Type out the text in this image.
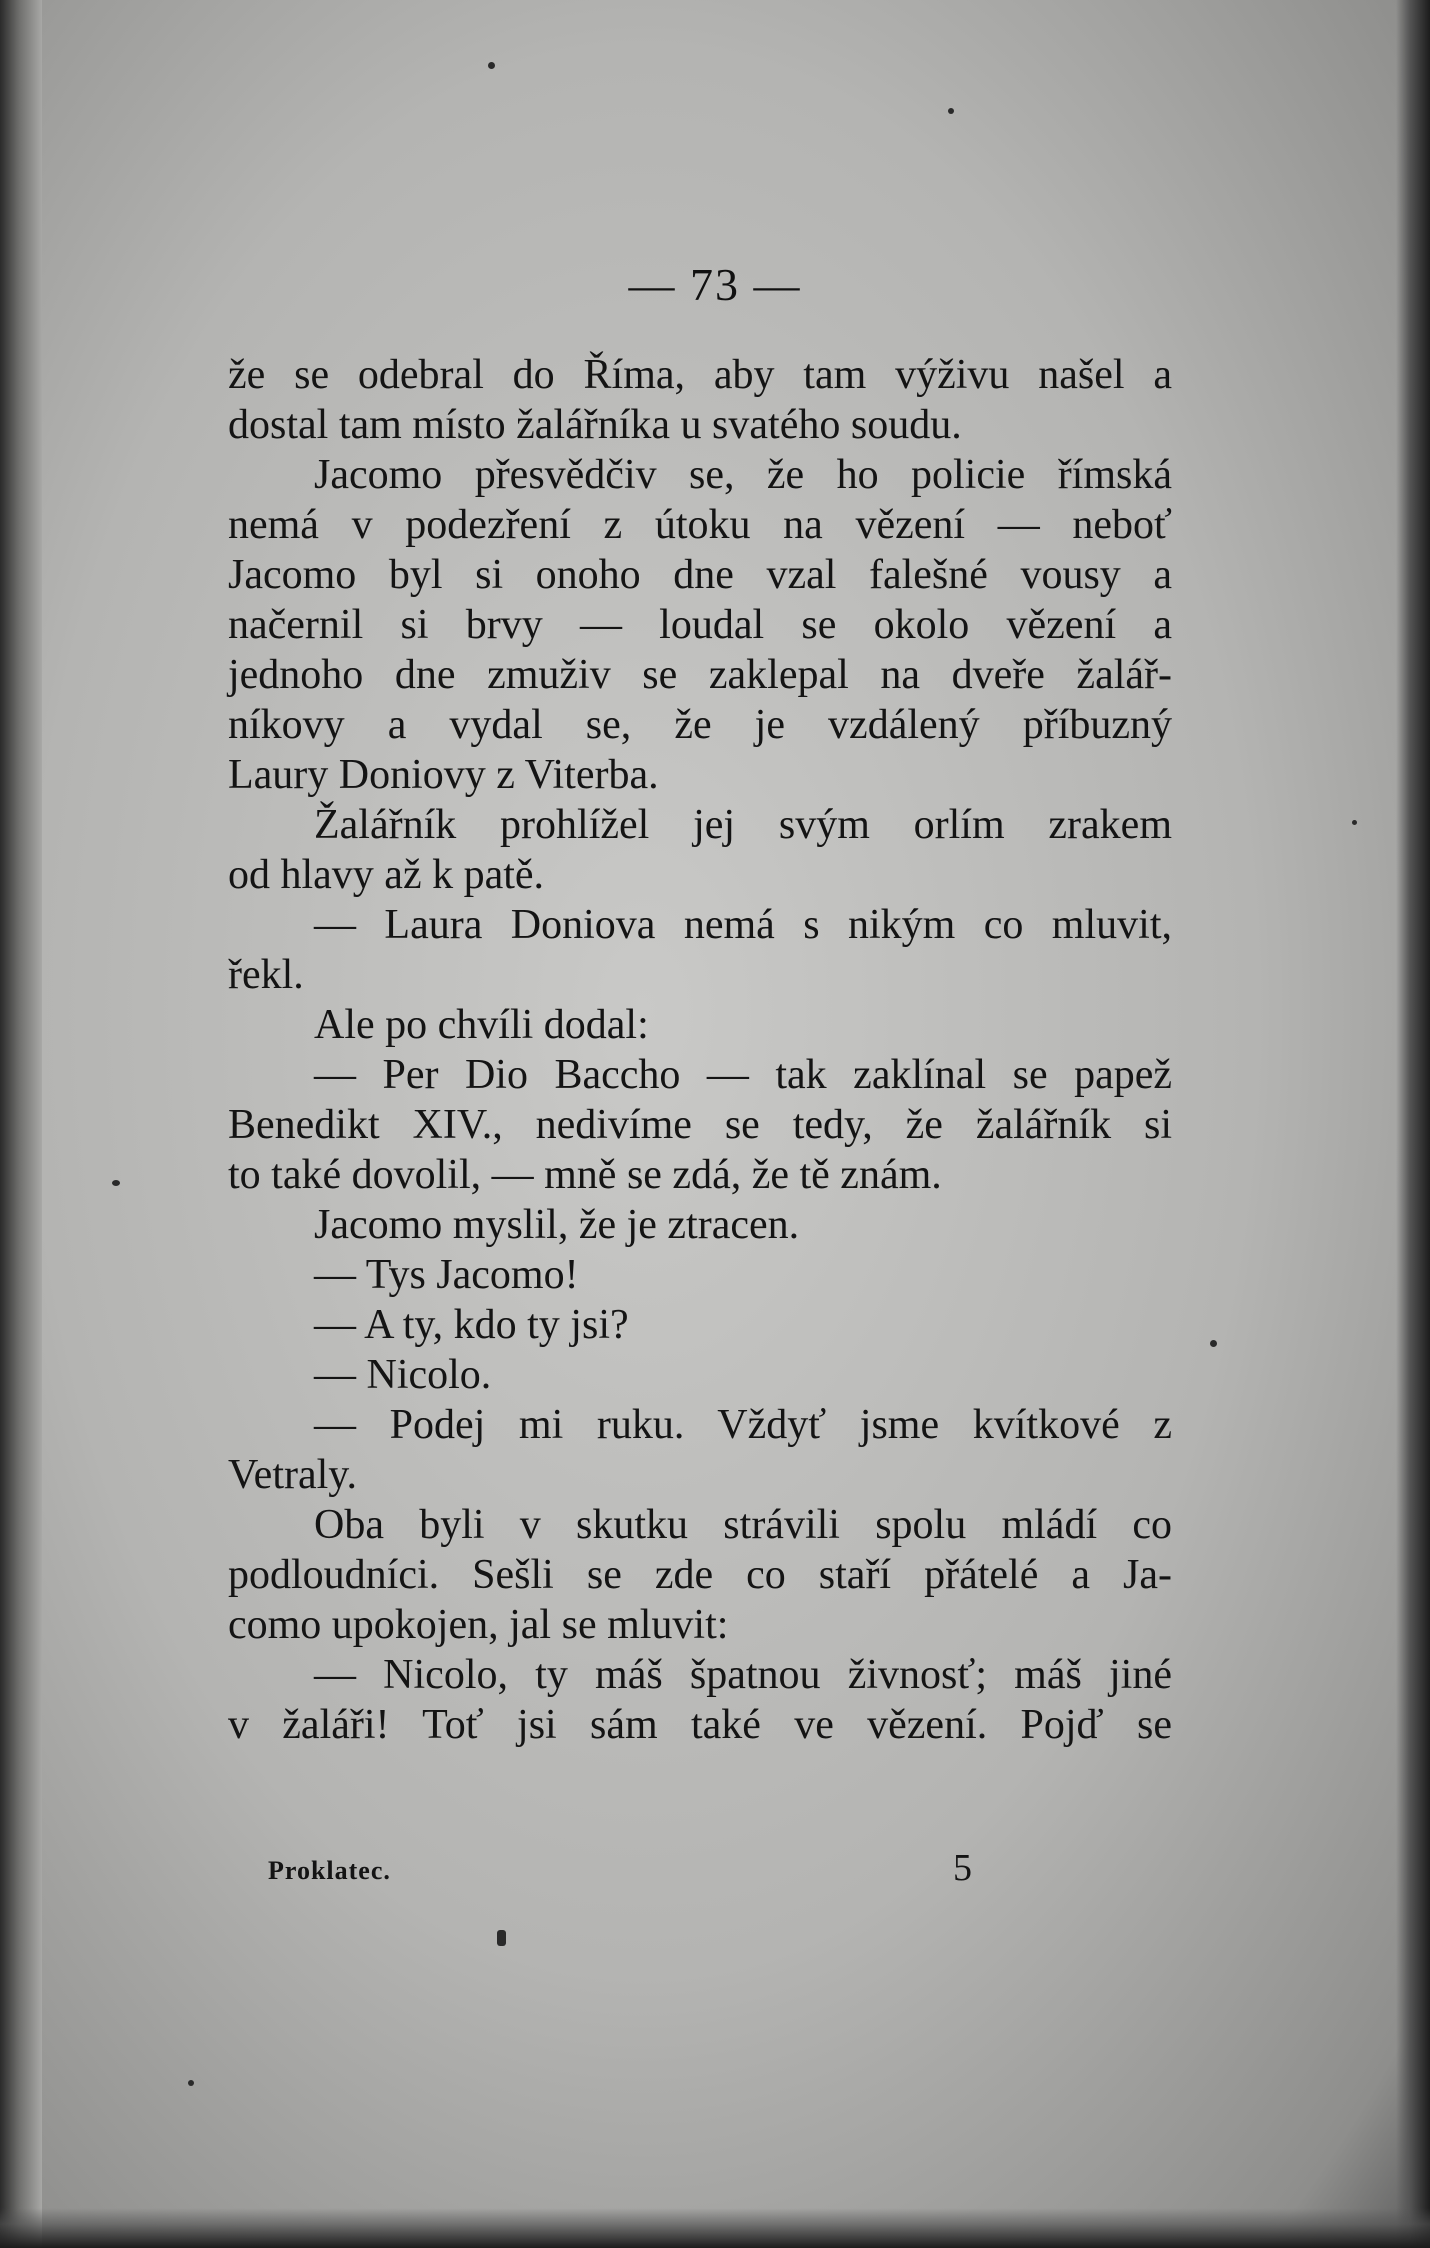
— 73 —
že se odebral do Říma, aby tam výživu našel a
dostal tam místo žalářníka u svatého soudu.
Jacomo přesvědčiv se, že ho policie římská
nemá v podezření z útoku na vězení — neboť
Jacomo byl si onoho dne vzal falešné vousy a
načernil si brvy — loudal se okolo vězení a
jednoho dne zmuživ se zaklepal na dveře žalář-
níkovy a vydal se, že je vzdálený příbuzný
Laury Doniovy z Viterba.
Žalářník prohlížel jej svým orlím zrakem
od hlavy až k patě.
— Laura Doniova nemá s nikým co mluvit,
řekl.
Ale po chvíli dodal:
— Per Dio Baccho — tak zaklínal se papež
Benedikt XIV., nedivíme se tedy, že žalářník si
to také dovolil, — mně se zdá, že tě znám.
Jacomo myslil, že je ztracen.
— Tys Jacomo!
— A ty, kdo ty jsi?
— Nicolo.
— Podej mi ruku. Vždyť jsme kvítkové z
Vetraly.
Oba byli v skutku strávili spolu mládí co
podloudníci. Sešli se zde co staří přátelé a Ja-
como upokojen, jal se mluvit:
— Nicolo, ty máš špatnou živnosť; máš jiné
v žaláři! Toť jsi sám také ve vězení. Pojď se
Proklatec.	5
